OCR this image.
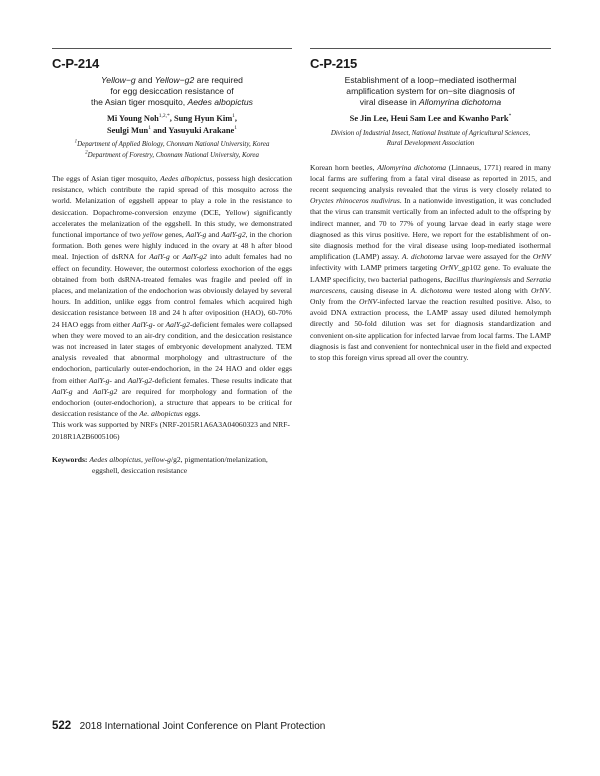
C-P-214

Yellow−g and Yellow−g2 are required
for egg desiccation resistance of
the Asian tiger mosquito, Aedes albopictus

Mi Young Noh$^{1,2,*}$, Sung Hyun Kim$^1$,
Seulgi Mun$^1$ and Yasuyuki Arakane$^1$

$^1$Department of Applied Biology, Chonnam National University, Korea

$^2$Department of Forestry, Chonnam National University, Korea

The eggs of Asian tiger mosquito, Aedes albopictus, possess high desiccation resistance, which contribute the rapid spread of this mosquito across the world. Melanization of eggshell appear to play a role in the resistance to desiccation. Dopachrome-conversion enzyme (DCE, Yellow) significantly accelerates the melanization of the eggshell. In this study, we demonstrated functional importance of two yellow genes, AalY-g and AalY-g2, in the chorion formation. Both genes were highly induced in the ovary at 48 h after blood meal. Injection of dsRNA for AalY-g or AalY-g2 into adult females had no effect on fecundity. However, the outermost colorless exochorion of the eggs obtained from both dsRNA-treated females was fragile and peeled off in places, and melanization of the endochorion was obviously delayed by several hours. In addition, unlike eggs from control females which acquired high desiccation resistance between 18 and 24 h after oviposition (HAO), 60-70% 24 HAO eggs from either AalY-g- or AalY-g2-deficient females were collapsed when they were moved to an air-dry condition, and the desiccation resistance was not increased in later stages of embryonic development analyzed. TEM analysis revealed that abnormal morphology and ultrastructure of the endochorion, particularly outer-endochorion, in the 24 HAO and older eggs from either AalY-g- and AalY-g2-deficient females. These results indicate that AalY-g and AalY-g2 are required for morphology and formation of the endochorion (outer-endochorion), a structure that appears to be critical for desiccation resistance of the Ae. albopictus eggs.

This work was supported by NRFs (NRF-2015R1A6A3A04060323 and NRF-2018R1A2B6005106)

Keywords: Aedes albopictus, yellow-g/g2, pigmentation/melanization, eggshell, desiccation resistance

C-P-215

Establishment of a loop−mediated isothermal
amplification system for on−site diagnosis of
viral disease in Allomyrina dichotoma

Se Jin Lee, Heui Sam Lee and Kwanho Park*

Division of Industrial Insect, National Institute of Agricultural Sciences,

Rural Development Association

Korean horn beetles, Allomyrina dichotoma (Linnaeus, 1771) reared in many local farms are suffering from a fatal viral disease as reported in 2015, and recent sequencing analysis revealed that the virus is very closely related to Oryctes rhinoceros nudivirus. In a nationwide investigation, it was concluded that the virus can transmit vertically from an infected adult to the offspring by indirect manner, and 70 to 77% of young larvae dead in early stage were diagnosed as this virus positive. Here, we report for the establishment of on-site diagnosis method for the viral disease using loop-mediated isothermal amplification (LAMP) assay. A. dichotoma larvae were assayed for the OrNV infectivity with LAMP primers targeting OrNV_gp102 gene. To evaluate the LAMP specificity, two bacterial pathogens, Bacillus thuringiensis and Serratia marcescens, causing disease in A. dichotoma were tested along with OrNV. Only from the OrNV-infected larvae the reaction resulted positive. Also, to avoid DNA extraction process, the LAMP assay used diluted hemolymph directly and 50-fold dilution was set for diagnosis standardization and convenient on-site application for infected larvae from local farms. The LAMP diagnosis is fast and convenient for nontechnical user in the field and expected to stop this foreign virus spread all over the country.

522 2018 International Joint Conference on Plant Protection
